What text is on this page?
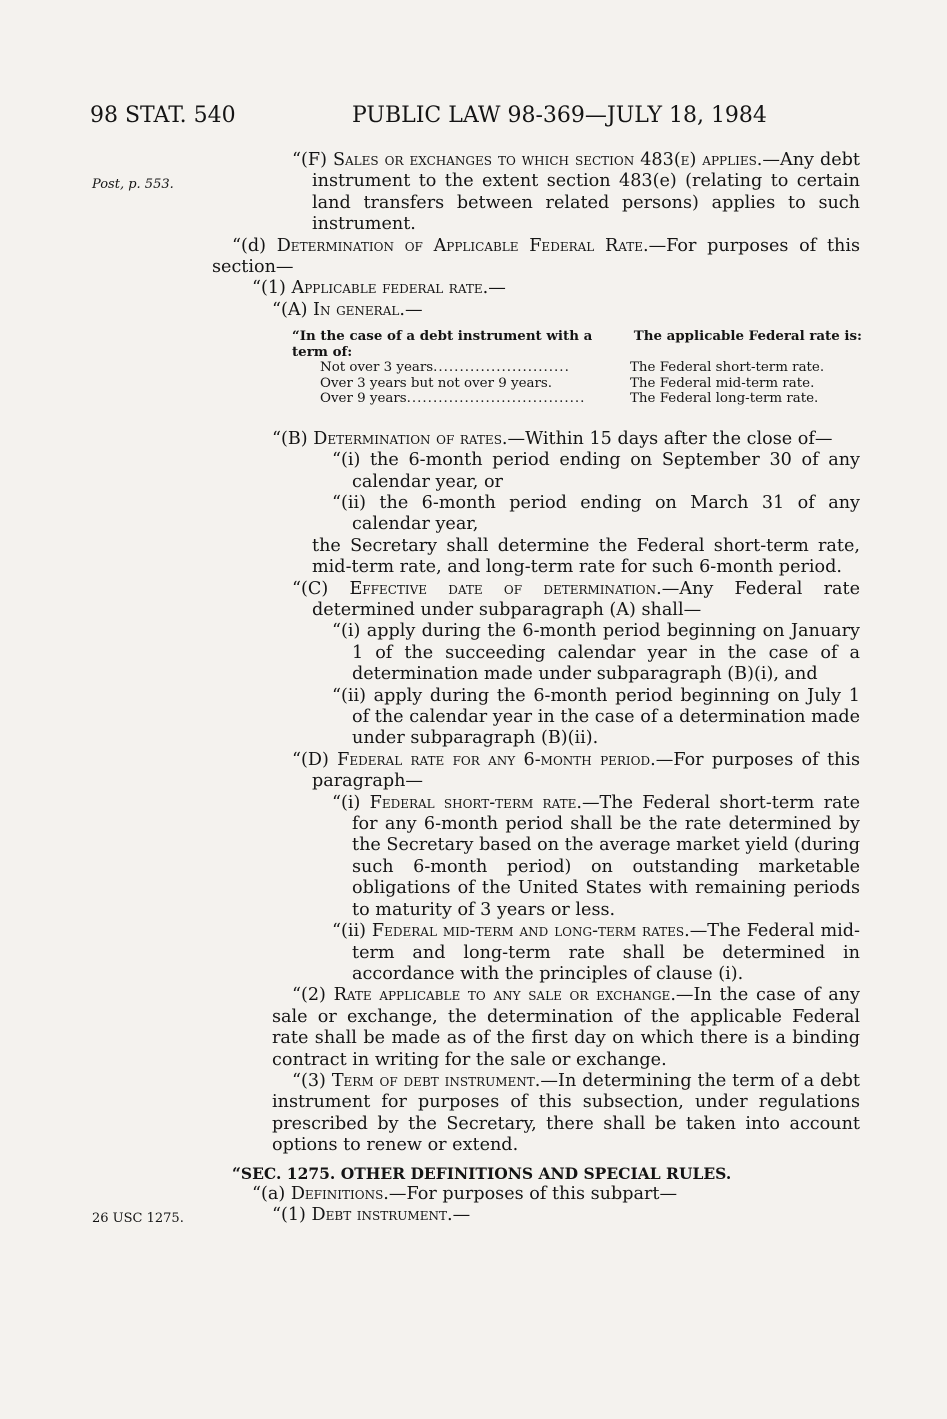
98 STAT. 540	PUBLIC LAW 98-369—JULY 18, 1984
Post, p. 553.
26 USC 1275.

“(F) Sales or exchanges to which section 483(e) applies.—Any debt instrument to the extent section 483(e) (relating to certain land transfers between related persons) applies to such instrument.

“(d) Determination of Applicable Federal Rate.—For purposes of this section—

“(1) Applicable federal rate.—

“(A) In general.—

“In the case of a debt instrument with a term of:
The applicable Federal rate is:
Not over 3 years..........................	The Federal short-term rate.
Over 3 years but not over 9 years.	The Federal mid-term rate.
Over 9 years..................................	The Federal long-term rate.

“(B) Determination of rates.—Within 15 days after the close of—

“(i) the 6-month period ending on September 30 of any calendar year, or

“(ii) the 6-month period ending on March 31 of any calendar year,

the Secretary shall determine the Federal short-term rate, mid-term rate, and long-term rate for such 6-month period.

“(C) Effective date of determination.—Any Federal rate determined under subparagraph (A) shall—

“(i) apply during the 6-month period beginning on January 1 of the succeeding calendar year in the case of a determination made under subparagraph (B)(i), and

“(ii) apply during the 6-month period beginning on July 1 of the calendar year in the case of a determination made under subparagraph (B)(ii).

“(D) Federal rate for any 6-month period.—For purposes of this paragraph—

“(i) Federal short-term rate.—The Federal short-term rate for any 6-month period shall be the rate determined by the Secretary based on the average market yield (during such 6-month period) on outstanding marketable obligations of the United States with remaining periods to maturity of 3 years or less.

“(ii) Federal mid-term and long-term rates.—The Federal mid-term and long-term rate shall be determined in accordance with the principles of clause (i).

“(2) Rate applicable to any sale or exchange.—In the case of any sale or exchange, the determination of the applicable Federal rate shall be made as of the first day on which there is a binding contract in writing for the sale or exchange.

“(3) Term of debt instrument.—In determining the term of a debt instrument for purposes of this subsection, under regulations prescribed by the Secretary, there shall be taken into account options to renew or extend.

“SEC. 1275. OTHER DEFINITIONS AND SPECIAL RULES.

“(a) Definitions.—For purposes of this subpart—

“(1) Debt instrument.—
